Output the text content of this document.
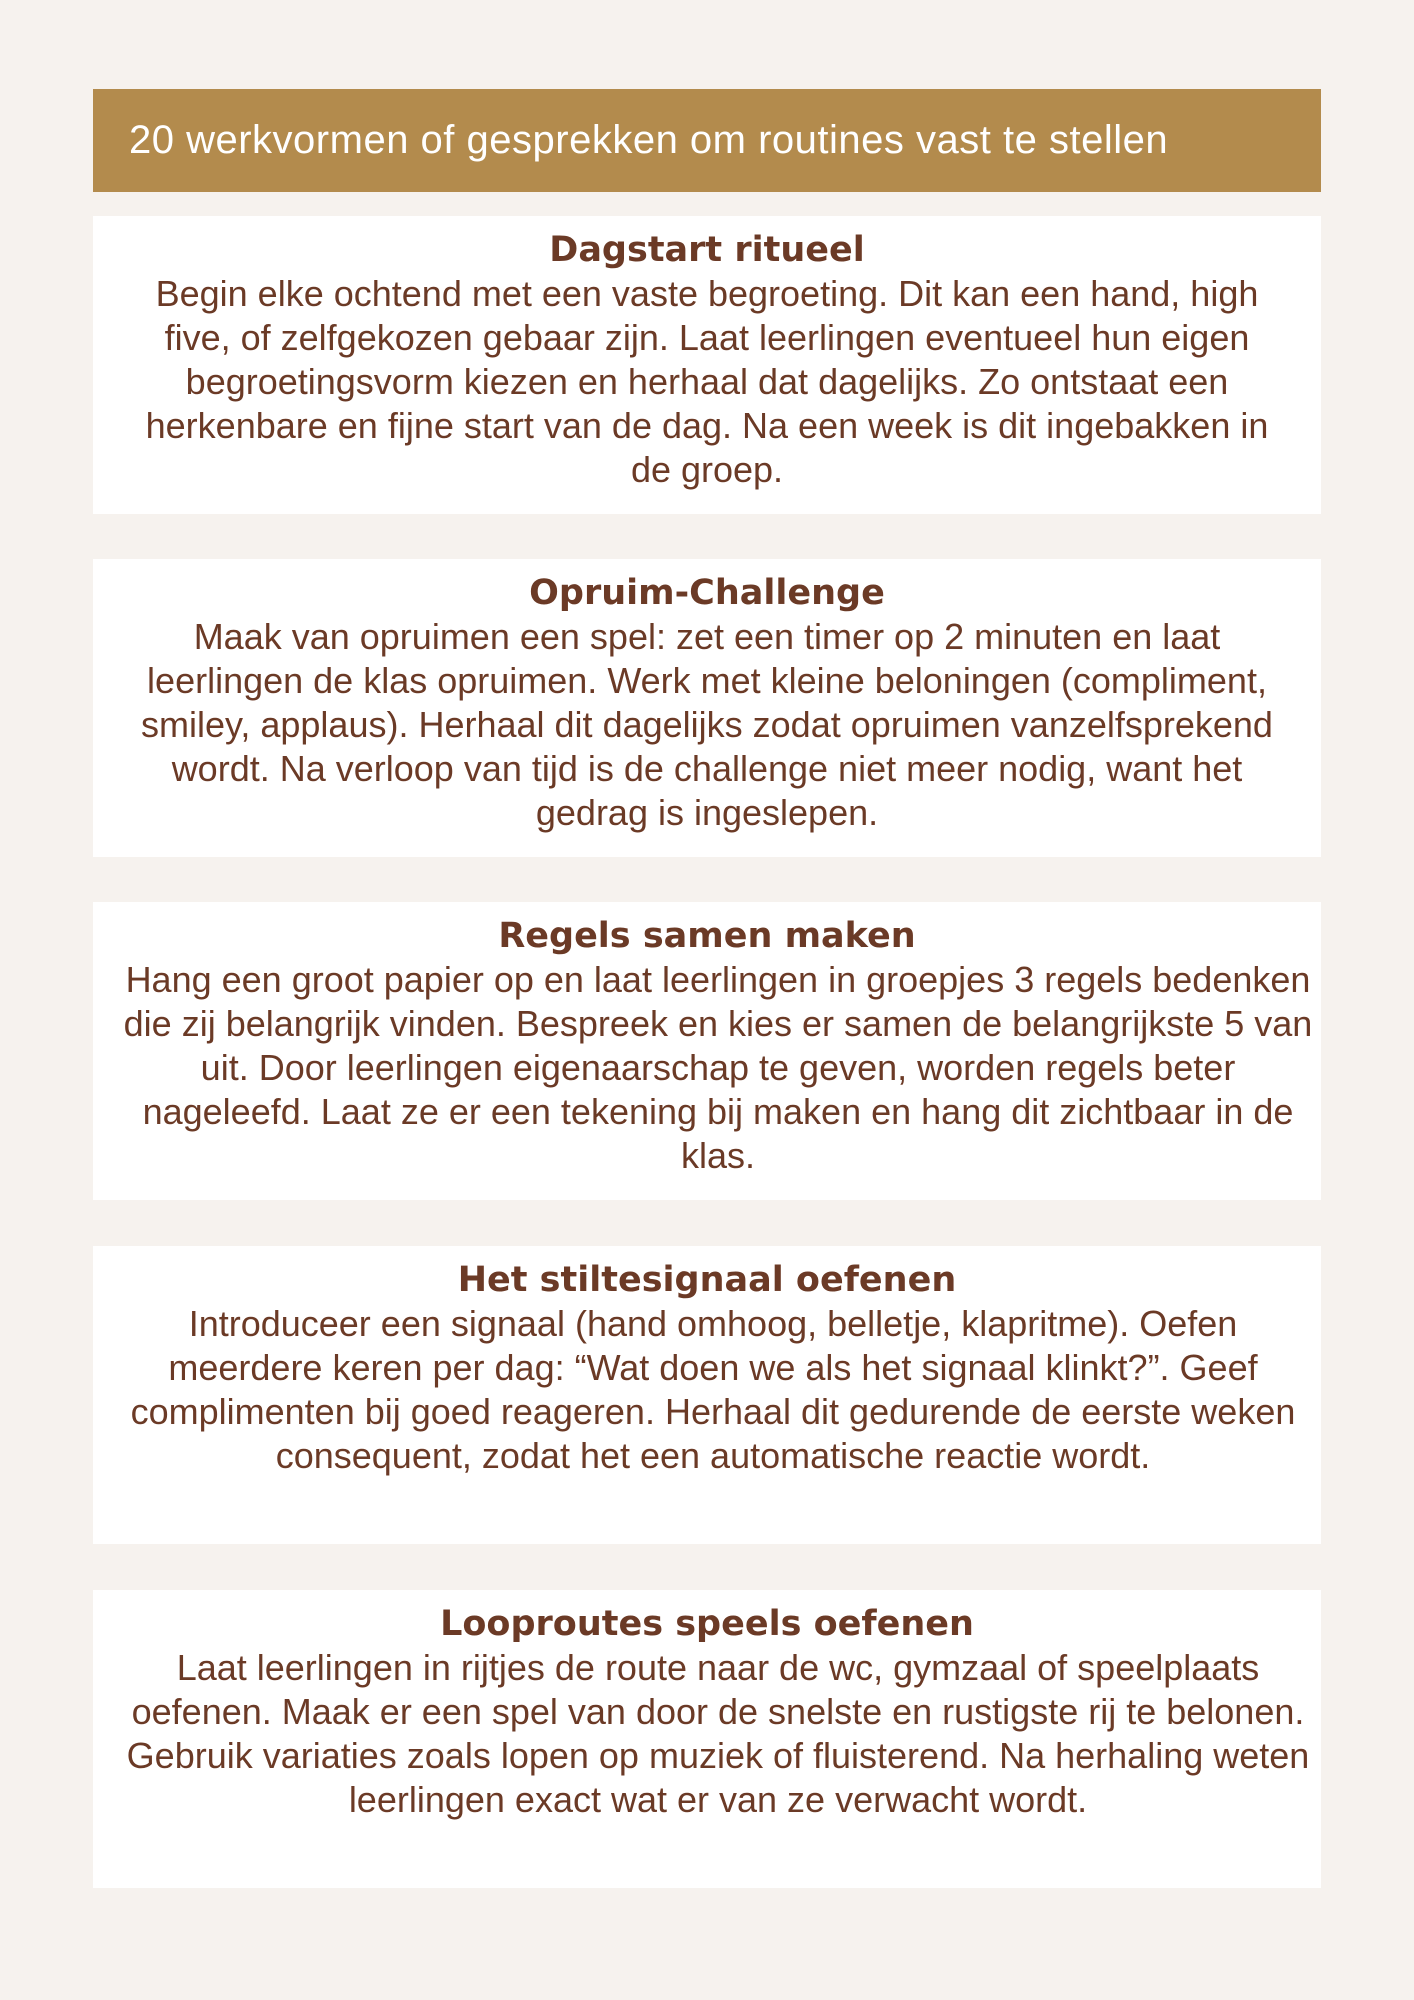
20 werkvormen of gesprekken om routines vast te stellen
Dagstart ritueel
Begin elke ochtend met een vaste begroeting. Dit kan een hand, high five, of zelfgekozen gebaar zijn. Laat leerlingen eventueel hun eigen begroetingsvorm kiezen en herhaal dat dagelijks. Zo ontstaat een herkenbare en fijne start van de dag. Na een week is dit ingebakken in de groep.
Opruim-Challenge
Maak van opruimen een spel: zet een timer op 2 minuten en laat leerlingen de klas opruimen. Werk met kleine beloningen (compliment, smiley, applaus). Herhaal dit dagelijks zodat opruimen vanzelfsprekend wordt. Na verloop van tijd is de challenge niet meer nodig, want het gedrag is ingeslepen.
Regels samen maken
Hang een groot papier op en laat leerlingen in groepjes 3 regels bedenken die zij belangrijk vinden. Bespreek en kies er samen de belangrijkste 5 van uit. Door leerlingen eigenaarschap te geven, worden regels beter nageleefd. Laat ze er een tekening bij maken en hang dit zichtbaar in de klas.
Het stiltesignaal oefenen
Introduceer een signaal (hand omhoog, belletje, klapritme). Oefen meerdere keren per dag: “Wat doen we als het signaal klinkt?”. Geef complimenten bij goed reageren. Herhaal dit gedurende de eerste weken consequent, zodat het een automatische reactie wordt.
Looproutes speels oefenen
Laat leerlingen in rijtjes de route naar de wc, gymzaal of speelplaats oefenen. Maak er een spel van door de snelste en rustigste rij te belonen. Gebruik variaties zoals lopen op muziek of fluisterend. Na herhaling weten leerlingen exact wat er van ze verwacht wordt.
